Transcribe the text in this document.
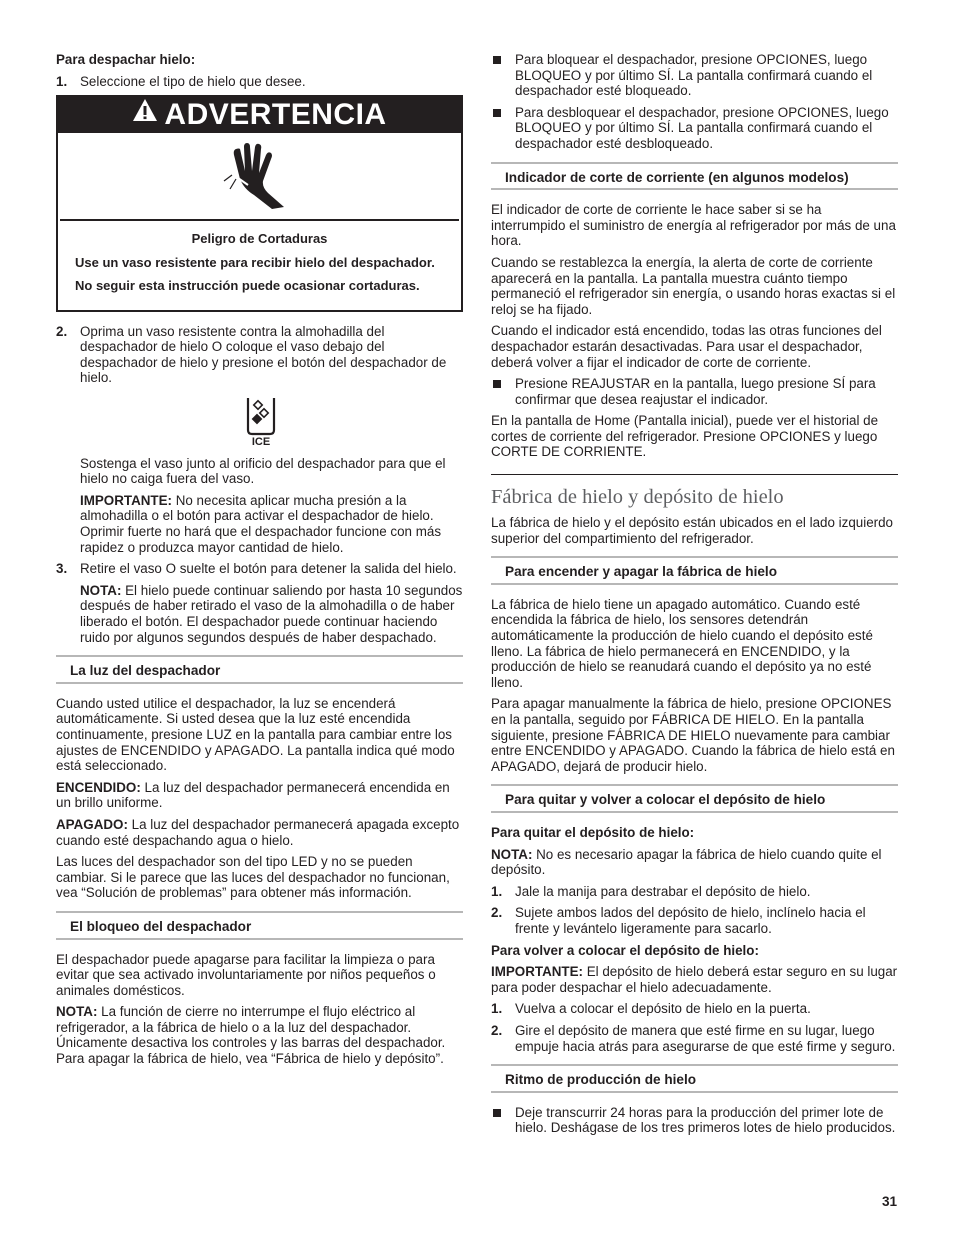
Para despachar hielo:

1. Seleccione el tipo de hielo que desee.
ADVERTENCIA

Peligro de Cortaduras

Use un vaso resistente para recibir hielo del despachador.

No seguir esta instrucción puede ocasionar cortaduras.

2. Oprima un vaso resistente contra la almohadilla del despachador de hielo O coloque el vaso debajo del despachador de hielo y presione el botón del despachador de hielo.
ICE

Sostenga el vaso junto al orificio del despachador para que el hielo no caiga fuera del vaso.

IMPORTANTE: No necesita aplicar mucha presión a la almohadilla o el botón para activar el despachador de hielo. Oprimir fuerte no hará que el despachador funcione con más rapidez o produzca mayor cantidad de hielo.

3. Retire el vaso O suelte el botón para detener la salida del hielo.

NOTA: El hielo puede continuar saliendo por hasta 10 segundos después de haber retirado el vaso de la almohadilla o de haber liberado el botón. El despachador puede continuar haciendo ruido por algunos segundos después de haber despachado.

La luz del despachador

Cuando usted utilice el despachador, la luz se encenderá automáticamente. Si usted desea que la luz esté encendida continuamente, presione LUZ en la pantalla para cambiar entre los ajustes de ENCENDIDO y APAGADO. La pantalla indica qué modo está seleccionado.

ENCENDIDO: La luz del despachador permanecerá encendida en un brillo uniforme.

APAGADO: La luz del despachador permanecerá apagada excepto cuando esté despachando agua o hielo.

Las luces del despachador son del tipo LED y no se pueden cambiar. Si le parece que las luces del despachador no funcionan, vea “Solución de problemas” para obtener más información.

El bloqueo del despachador

El despachador puede apagarse para facilitar la limpieza o para evitar que sea activado involuntariamente por niños pequeños o animales domésticos.

NOTA: La función de cierre no interrumpe el flujo eléctrico al refrigerador, a la fábrica de hielo o a la luz del despachador. Únicamente desactiva los controles y las barras del despachador. Para apagar la fábrica de hielo, vea “Fábrica de hielo y depósito”.

Para bloquear el despachador, presione OPCIONES, luego BLOQUEO y por último SÍ. La pantalla confirmará cuando el despachador esté bloqueado.

Para desbloquear el despachador, presione OPCIONES, luego BLOQUEO y por último SÍ. La pantalla confirmará cuando el despachador esté desbloqueado.

Indicador de corte de corriente (en algunos modelos)

El indicador de corte de corriente le hace saber si se ha interrumpido el suministro de energía al refrigerador por más de una hora.

Cuando se restablezca la energía, la alerta de corte de corriente aparecerá en la pantalla. La pantalla muestra cuánto tiempo permaneció el refrigerador sin energía, o usando horas exactas si el reloj se ha fijado.

Cuando el indicador está encendido, todas las otras funciones del despachador estarán desactivadas. Para usar el despachador, deberá volver a fijar el indicador de corte de corriente.

Presione REAJUSTAR en la pantalla, luego presione SÍ para confirmar que desea reajustar el indicador.

En la pantalla de Home (Pantalla inicial), puede ver el historial de cortes de corriente del refrigerador. Presione OPCIONES y luego CORTE DE CORRIENTE.

Fábrica de hielo y depósito de hielo

La fábrica de hielo y el depósito están ubicados en el lado izquierdo superior del compartimiento del refrigerador.

Para encender y apagar la fábrica de hielo

La fábrica de hielo tiene un apagado automático. Cuando esté encendida la fábrica de hielo, los sensores detendrán automáticamente la producción de hielo cuando el depósito esté lleno. La fábrica de hielo permanecerá en ENCENDIDO, y la producción de hielo se reanudará cuando el depósito ya no esté lleno.

Para apagar manualmente la fábrica de hielo, presione OPCIONES en la pantalla, seguido por FÁBRICA DE HIELO. En la pantalla siguiente, presione FÁBRICA DE HIELO nuevamente para cambiar entre ENCENDIDO y APAGADO. Cuando la fábrica de hielo está en APAGADO, dejará de producir hielo.

Para quitar y volver a colocar el depósito de hielo

Para quitar el depósito de hielo:

NOTA: No es necesario apagar la fábrica de hielo cuando quite el depósito.

1. Jale la manija para destrabar el depósito de hielo.
2. Sujete ambos lados del depósito de hielo, inclínelo hacia el frente y levántelo ligeramente para sacarlo.

Para volver a colocar el depósito de hielo:

IMPORTANTE: El depósito de hielo deberá estar seguro en su lugar para poder despachar el hielo adecuadamente.

1. Vuelva a colocar el depósito de hielo en la puerta.
2. Gire el depósito de manera que esté firme en su lugar, luego empuje hacia atrás para asegurarse de que esté firme y seguro.
Ritmo de producción de hielo

Deje transcurrir 24 horas para la producción del primer lote de hielo. Deshágase de los tres primeros lotes de hielo producidos.

31
